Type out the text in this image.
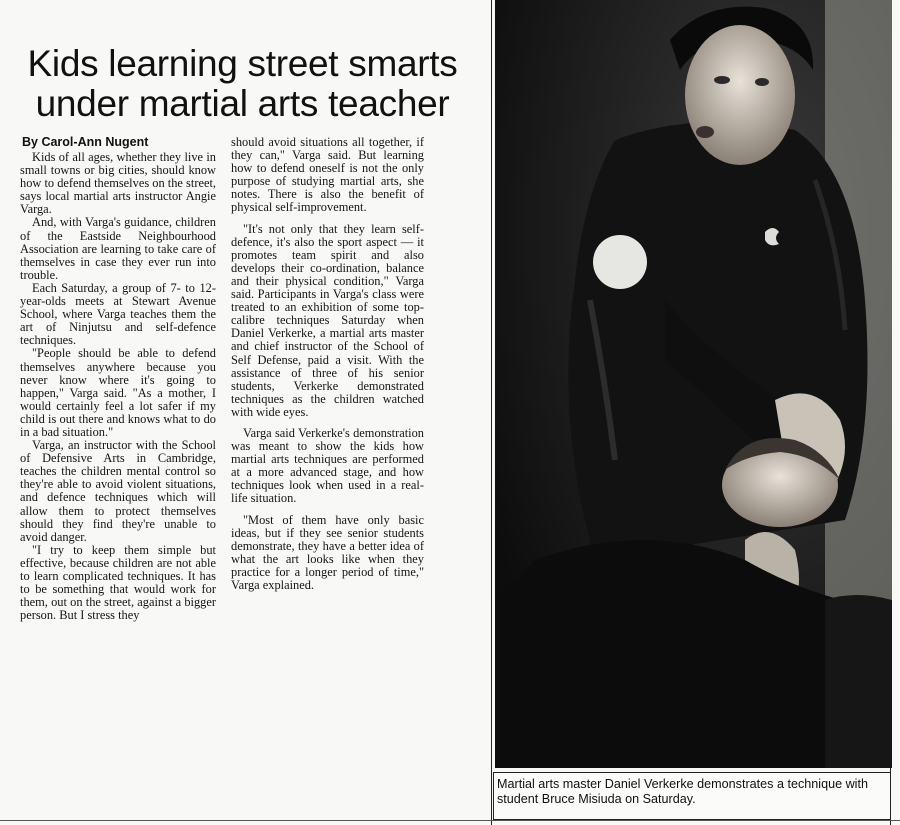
Kids learning street smarts
under martial arts teacher
By Carol-Ann Nugent

Kids of all ages, whether they live in small towns or big cities, should know how to defend themselves on the street, says local martial arts instructor Angie Varga.

And, with Varga's guidance, children of the Eastside Neighbourhood Association are learning to take care of themselves in case they ever run into trouble.

Each Saturday, a group of 7- to 12-year-olds meets at Stewart Avenue School, where Varga teaches them the art of Ninjutsu and self-defence techniques.

"People should be able to defend themselves anywhere because you never know where it's going to happen," Varga said. "As a mother, I would certainly feel a lot safer if my child is out there and knows what to do in a bad situation."

Varga, an instructor with the School of Defensive Arts in Cambridge, teaches the children mental control so they're able to avoid violent situations, and defence techniques which will allow them to protect themselves should they find they're unable to avoid danger.

"I try to keep them simple but effective, because children are not able to learn complicated techniques. It has to be something that would work for them, out on the street, against a bigger person. But I stress they

should avoid situations all together, if they can," Varga said. But learning how to defend oneself is not the only purpose of studying martial arts, she notes. There is also the benefit of physical self-improvement.

"It's not only that they learn self-defence, it's also the sport aspect — it promotes team spirit and also develops their co-ordination, balance and their physical condition," Varga said. Participants in Varga's class were treated to an exhibition of some top-calibre techniques Saturday when Daniel Verkerke, a martial arts master and chief instructor of the School of Self Defense, paid a visit. With the assistance of three of his senior students, Verkerke demonstrated techniques as the children watched with wide eyes.

Varga said Verkerke's demonstration was meant to show the kids how martial arts techniques are performed at a more advanced stage, and how techniques look when used in a real-life situation.

"Most of them have only basic ideas, but if they see senior students demonstrate, they have a better idea of what the art looks like when they practice for a longer period of time," Varga explained.

Martial arts master Daniel Verkerke demonstrates a technique with student Bruce Misiuda on Saturday.
